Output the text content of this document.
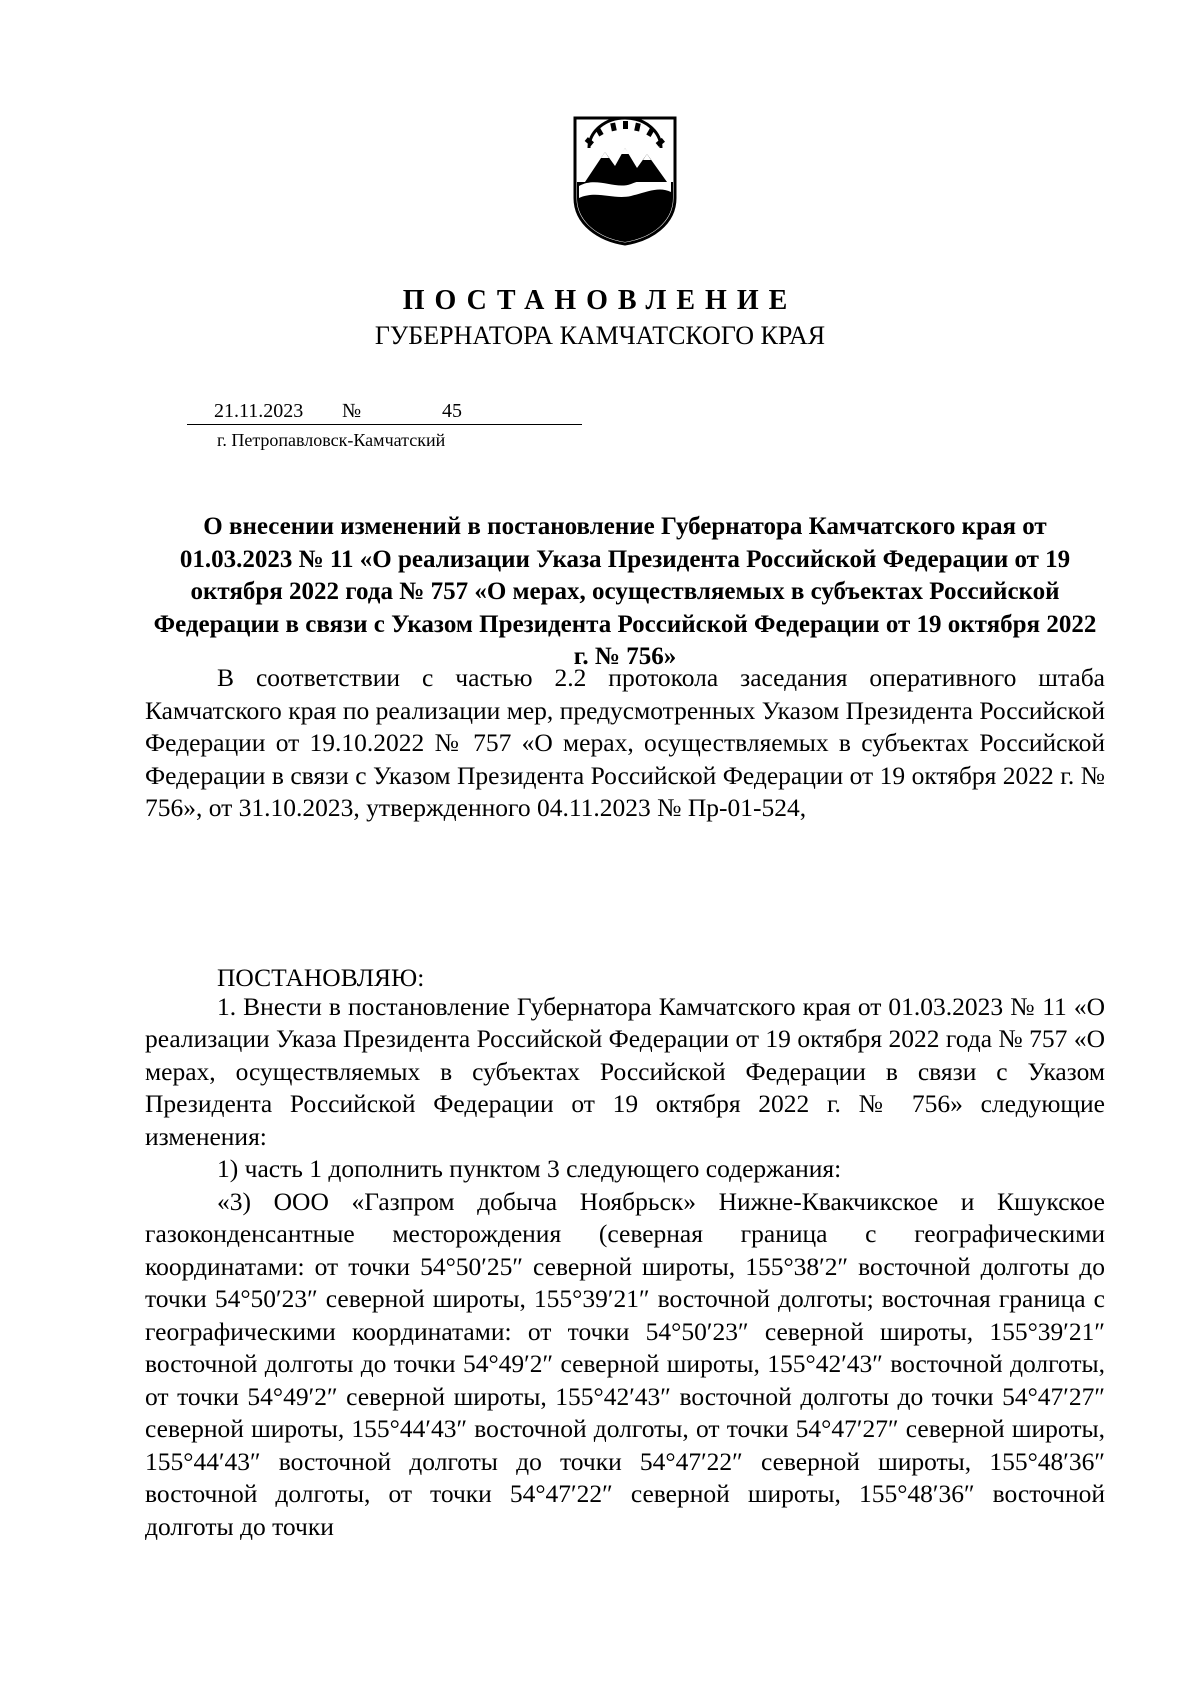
ПОСТАНОВЛЕНИЕ
ГУБЕРНАТОРА КАМЧАТСКОГО КРАЯ
21.11.2023 №	45
г. Петропавловск-Камчатский
О внесении изменений в постановление Губернатора Камчатского края от 01.03.2023 № 11 «О реализации Указа Президента Российской Федерации от 19 октября 2022 года № 757 «О мерах, осуществляемых в субъектах Российской Федерации в связи с Указом Президента Российской Федерации от 19 октября 2022 г. № 756»

В соответствии с частью 2.2 протокола заседания оперативного штаба Камчатского края по реализации мер, предусмотренных Указом Президента Российской Федерации от 19.10.2022 № 757 «О мерах, осуществляемых в субъектах Российской Федерации в связи с Указом Президента Российской Федерации от 19 октября 2022 г. № 756», от 31.10.2023, утвержденного 04.11.2023 № Пр-01-524,

ПОСТАНОВЛЯЮ:

1. Внести в постановление Губернатора Камчатского края от 01.03.2023 № 11 «О реализации Указа Президента Российской Федерации от 19 октября 2022 года № 757 «О мерах, осуществляемых в субъектах Российской Федерации в связи с Указом Президента Российской Федерации от 19 октября 2022 г. № 756» следующие изменения:

1) часть 1 дополнить пунктом 3 следующего содержания:

«3) ООО «Газпром добыча Ноябрьск» Нижне-Квакчикское и Кшукское газоконденсантные месторождения (северная граница с географическими координатами: от точки 54°50′25″ северной широты, 155°38′2″ восточной долготы до точки 54°50′23″ северной широты, 155°39′21″ восточной долготы; восточная граница с географическими координатами: от точки 54°50′23″ северной широты, 155°39′21″ восточной долготы до точки 54°49′2″ северной широты, 155°42′43″ восточной долготы, от точки 54°49′2″ северной широты, 155°42′43″ восточной долготы до точки 54°47′27″ северной широты, 155°44′43″ восточной долготы, от точки 54°47′27″ северной широты, 155°44′43″ восточной долготы до точки 54°47′22″ северной широты, 155°48′36″ восточной долготы, от точки 54°47′22″ северной широты, 155°48′36″ восточной долготы до точки
